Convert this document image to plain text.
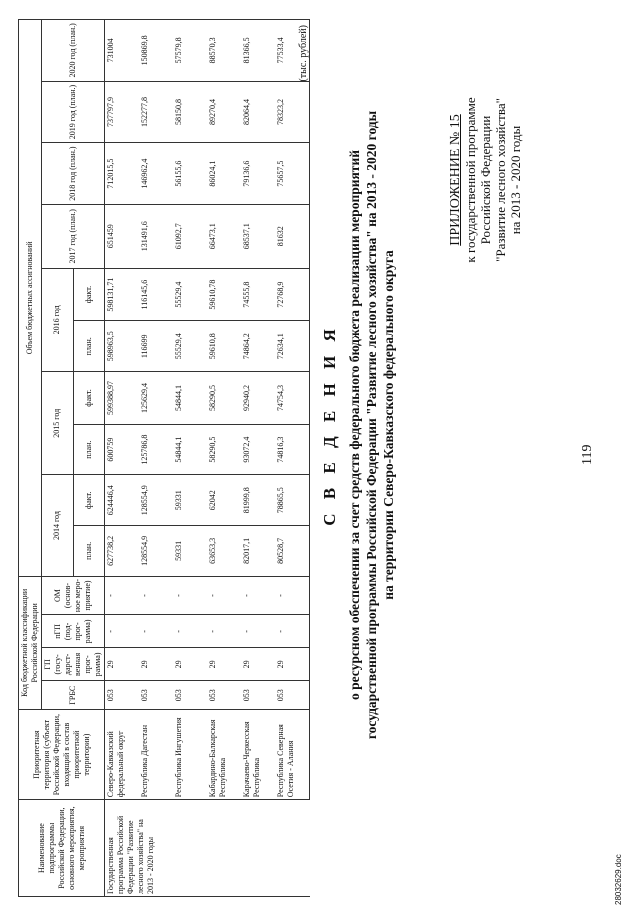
119
ПРИЛОЖЕНИЕ № 15 к государственной программе Российской Федерации "Развитие лесного хозяйства" на 2013 - 2020 годы
С В Е Д Е Н И Я о ресурсном обеспечении за счет средств федерального бюджета реализации мероприятий государственной программы Российской Федерации "Развитие лесного хозяйства" на 2013 - 2020 годы на территории Северо-Кавказского федерального округа
(тыс. рублей)
Наименование подпрограммы Российской Федерации, основного мероприятия, мероприятия	Приоритетная территория (субъект Российской Федерации, входящий в состав приоритетной территории)	Код бюджетной классификации Российской Федерации				Объем бюджетных ассигнований									
		ГРБС	ГП (госу- дарст- венная прог- рамма)	пГП (под- прог- рамма)	ОМ (основ- ное меро- приятие)	2014 год		2015 год		2016 год		2017 год (план.)	2018 год (план.)	2019 год (план.)	2020 год (план.)
						план.	факт.	план.	факт.	план.	факт.				
Государственная программа Российской Федерации "Развитие лесного хозяйства" на 2013 - 2020 годы	Северо-Кавказский федеральный округ	053	29	-	-	627738,2	624446,4	600759	599388,97	598963,5	598131,71	651459	712015,5	737797,9	731004
	Республика Дагестан	053	29	-	-	128554,9	128554,9	125786,8	125629,4	116699	116145,6	131491,6	146962,4	152277,8	150869,8
	Республика Ингушетия	053	29	-	-	59331	59331	54844,1	54844,1	55529,4	55529,4	61092,7	56155,6	58150,8	57579,8
	Кабардино-Балкарская Республика	053	29	-	-	63653,3	62042	58290,5	58290,5	59610,8	59610,78	66473,1	86024,1	89270,4	88570,3
	Карачаево-Черкесская Республика	053	29	-	-	82017,1	81999,8	93072,4	92940,2	74864,2	74555,8	68537,1	79136,6	82064,4	81366,5
	Республика Северная Осетия - Алания	053	29	-	-	80528,7	78865,5	74816,3	74754,3	72634,1	72768,9	81632	75657,5	78323,2	77533,4
28032629.doc
